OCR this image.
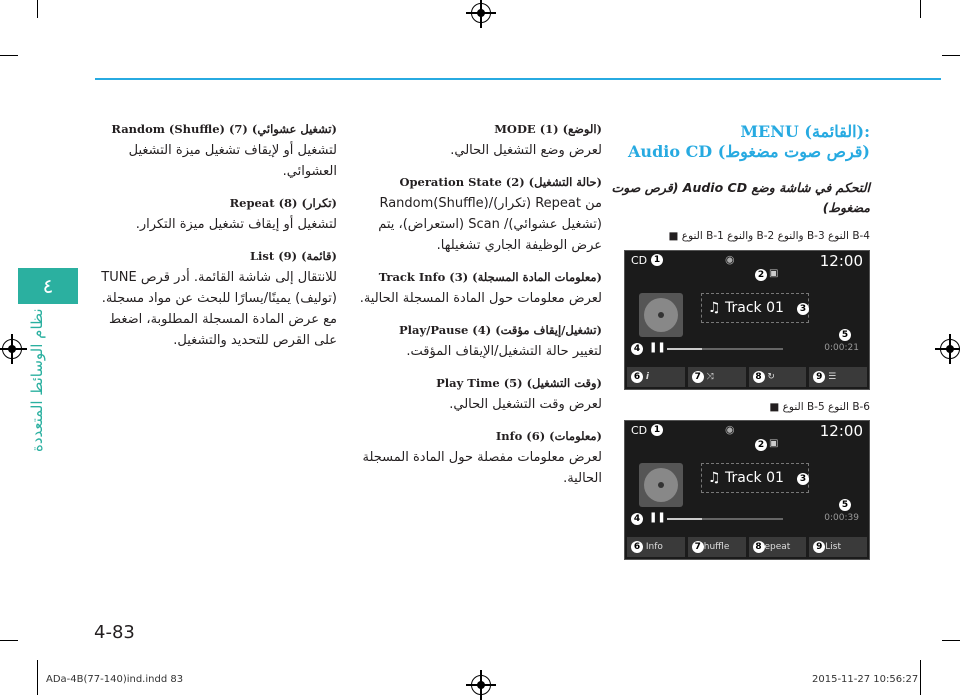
٤
نظام الوسائط المتعددة
:(القائمة) MENU
(قرص صوت مضغوط) Audio CD
التحكم في شاشة وضع Audio CD (قرص صوت
مضغوط)
B-4 النوع B-3 والنوع B-2 والنوع B-1 النوع ■
CD 1	◉	12:00
2 ▣
♫ Track 01	3
5
4 ❚❚	0:00:21
6 i	7 ⤨	8 ↻	9 ☰
B-6 النوع B-5 النوع ■
CD 1	◉	12:00
2 ▣
♫ Track 01	3
5
4 ❚❚	0:00:39
6 Info	7 huffle	8 epeat	9 List
(الوضع) MODE (1)
لعرض وضع التشغيل الحالي.
(حالة التشغيل) Operation State (2)
من Repeat (تكرار)/Random(Shuffle) (تشغيل عشوائي)/ Scan (استعراض)، يتم عرض الوظيفة الجاري تشغيلها.
(معلومات المادة المسجلة) Track Info (3)
لعرض معلومات حول المادة المسجلة الحالية.
(تشغيل/إيقاف مؤقت) Play/Pause (4)
لتغيير حالة التشغيل/الإيقاف المؤقت.
(وقت التشغيل) Play Time (5)
لعرض وقت التشغيل الحالي.
(معلومات) Info (6)
لعرض معلومات مفصلة حول المادة المسجلة الحالية.
(تشغيل عشوائي) Random (Shuffle) (7)
لتشغيل أو لإيقاف تشغيل ميزة التشغيل العشوائي.
(تكرار) Repeat (8)
لتشغيل أو إيقاف تشغيل ميزة التكرار.
(قائمة) List (9)
للانتقال إلى شاشة القائمة. أدر قرص TUNE (توليف) يمينًا/يسارًا للبحث عن مواد مسجلة. مع عرض المادة المسجلة المطلوبة، اضغط على القرص للتحديد والتشغيل.
4-83
ADa-4B(77-140)ind.indd 83	2015-11-27 10:56:27
